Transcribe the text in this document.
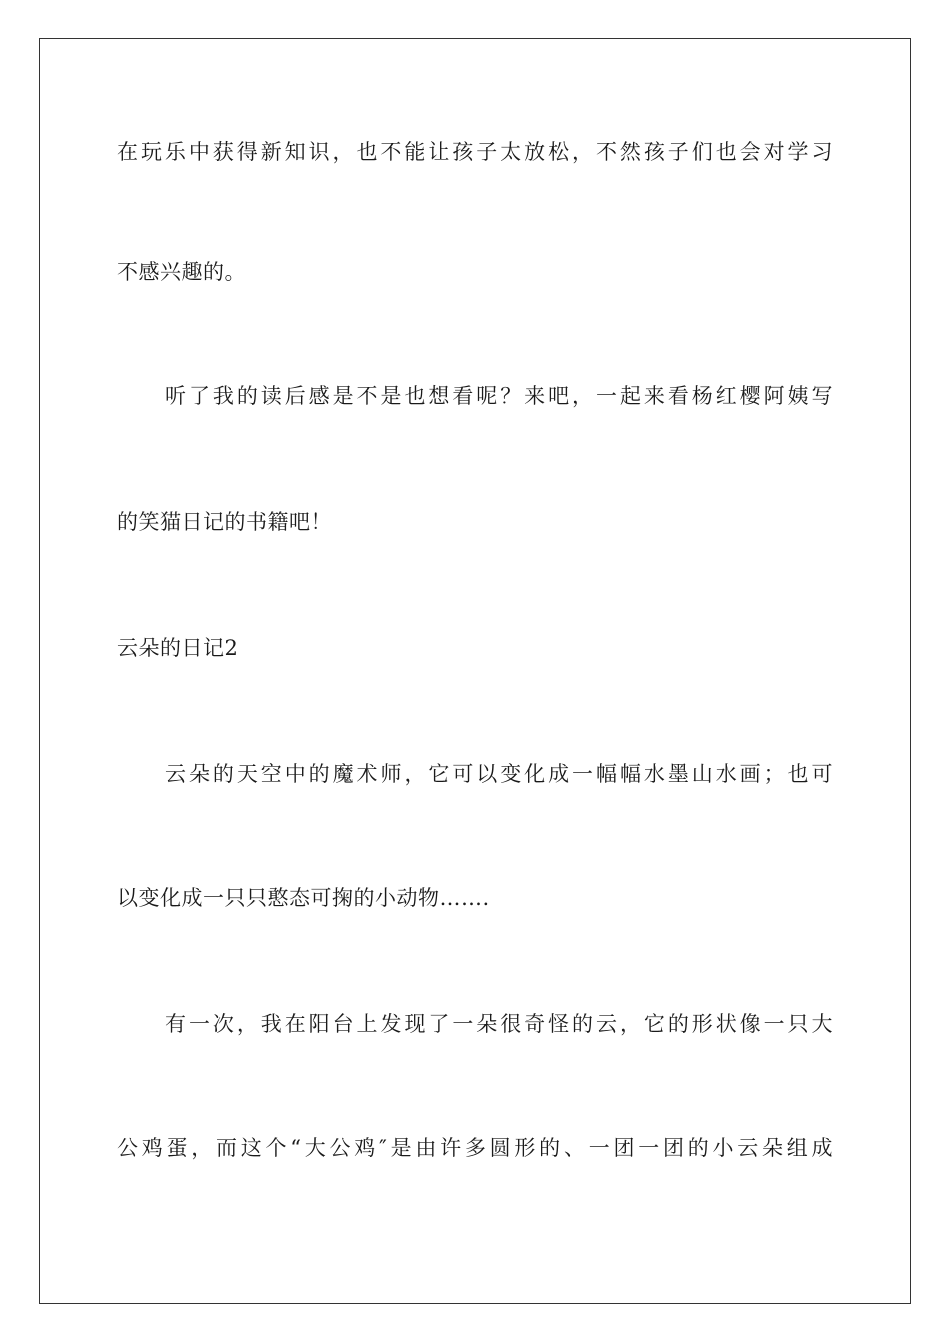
在玩乐中获得新知识，也不能让孩子太放松，不然孩子们也会对学习
不感兴趣的。
听了我的读后感是不是也想看呢？来吧，一起来看杨红樱阿姨写
的笑猫日记的书籍吧！
云朵的日记2
云朵的天空中的魔术师，它可以变化成一幅幅水墨山水画；也可
以变化成一只只憨态可掬的小动物…….
有一次，我在阳台上发现了一朵很奇怪的云，它的形状像一只大
公鸡蛋，而这个“大公鸡″是由许多圆形的、一团一团的小云朵组成
